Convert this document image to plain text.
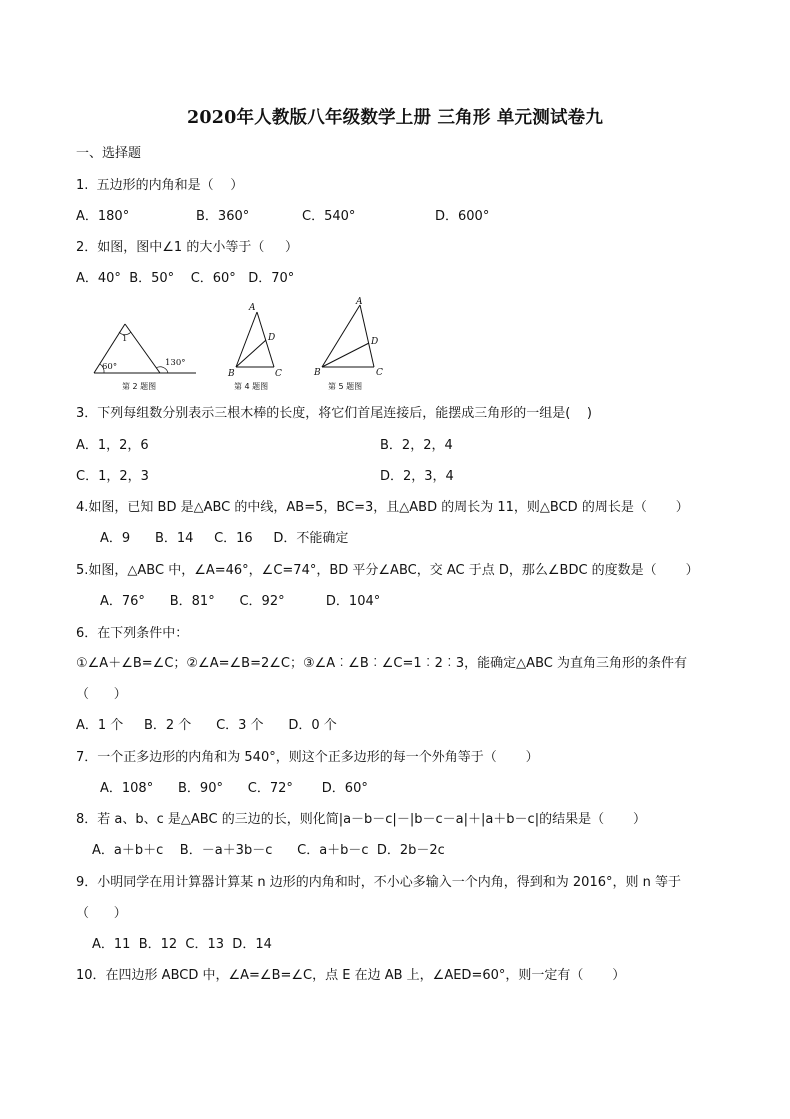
2020年人教版八年级数学上册 三角形 单元测试卷九
一、选择题
1.  五边形的内角和是（    ）
A．180°	B．360°	C．540°	D．600°
2．如图，图中∠1 的大小等于（     ）
A．40°  B．50°    C．60°   D．70°
1
60°	130°
第 2 题图
A
D
B	C
第 4 题图
A
D
B	C
第 5 题图
3．下列每组数分别表示三根木棒的长度，将它们首尾连接后，能摆成三角形的一组是(    )
A．1，2，6	B．2，2，4
C．1，2，3	D．2，3，4
4.如图，已知 BD 是△ABC 的中线，AB=5，BC=3，且△ABD 的周长为 11，则△BCD 的周长是（       ）
A．9      B．14     C．16     D．不能确定
5.如图，△ABC 中，∠A=46°，∠C=74°，BD 平分∠ABC，交 AC 于点 D，那么∠BDC 的度数是（       ）
A．76°      B．81°      C．92°          D．104°
6．在下列条件中：
①∠A＋∠B=∠C；②∠A=∠B=2∠C；③∠A︰∠B︰∠C=1︰2︰3，能确定△ABC 为直角三角形的条件有
（      ）
A．1 个     B．2 个      C．3 个      D．0 个
7．一个正多边形的内角和为 540°，则这个正多边形的每一个外角等于（       ）
A．108°      B．90°      C．72°       D．60°
8．若 a、b、c 是△ABC 的三边的长，则化简|a－b－c|－|b－c－a|＋|a＋b－c|的结果是（       ）
A．a＋b＋c    B．－a＋3b－c      C．a＋b－c  D．2b－2c
9．小明同学在用计算器计算某 n 边形的内角和时，不小心多输入一个内角，得到和为 2016°，则 n 等于
（      ）
A．11  B．12  C．13  D．14
10．在四边形 ABCD 中，∠A=∠B=∠C，点 E 在边 AB 上，∠AED=60°，则一定有（       ）
